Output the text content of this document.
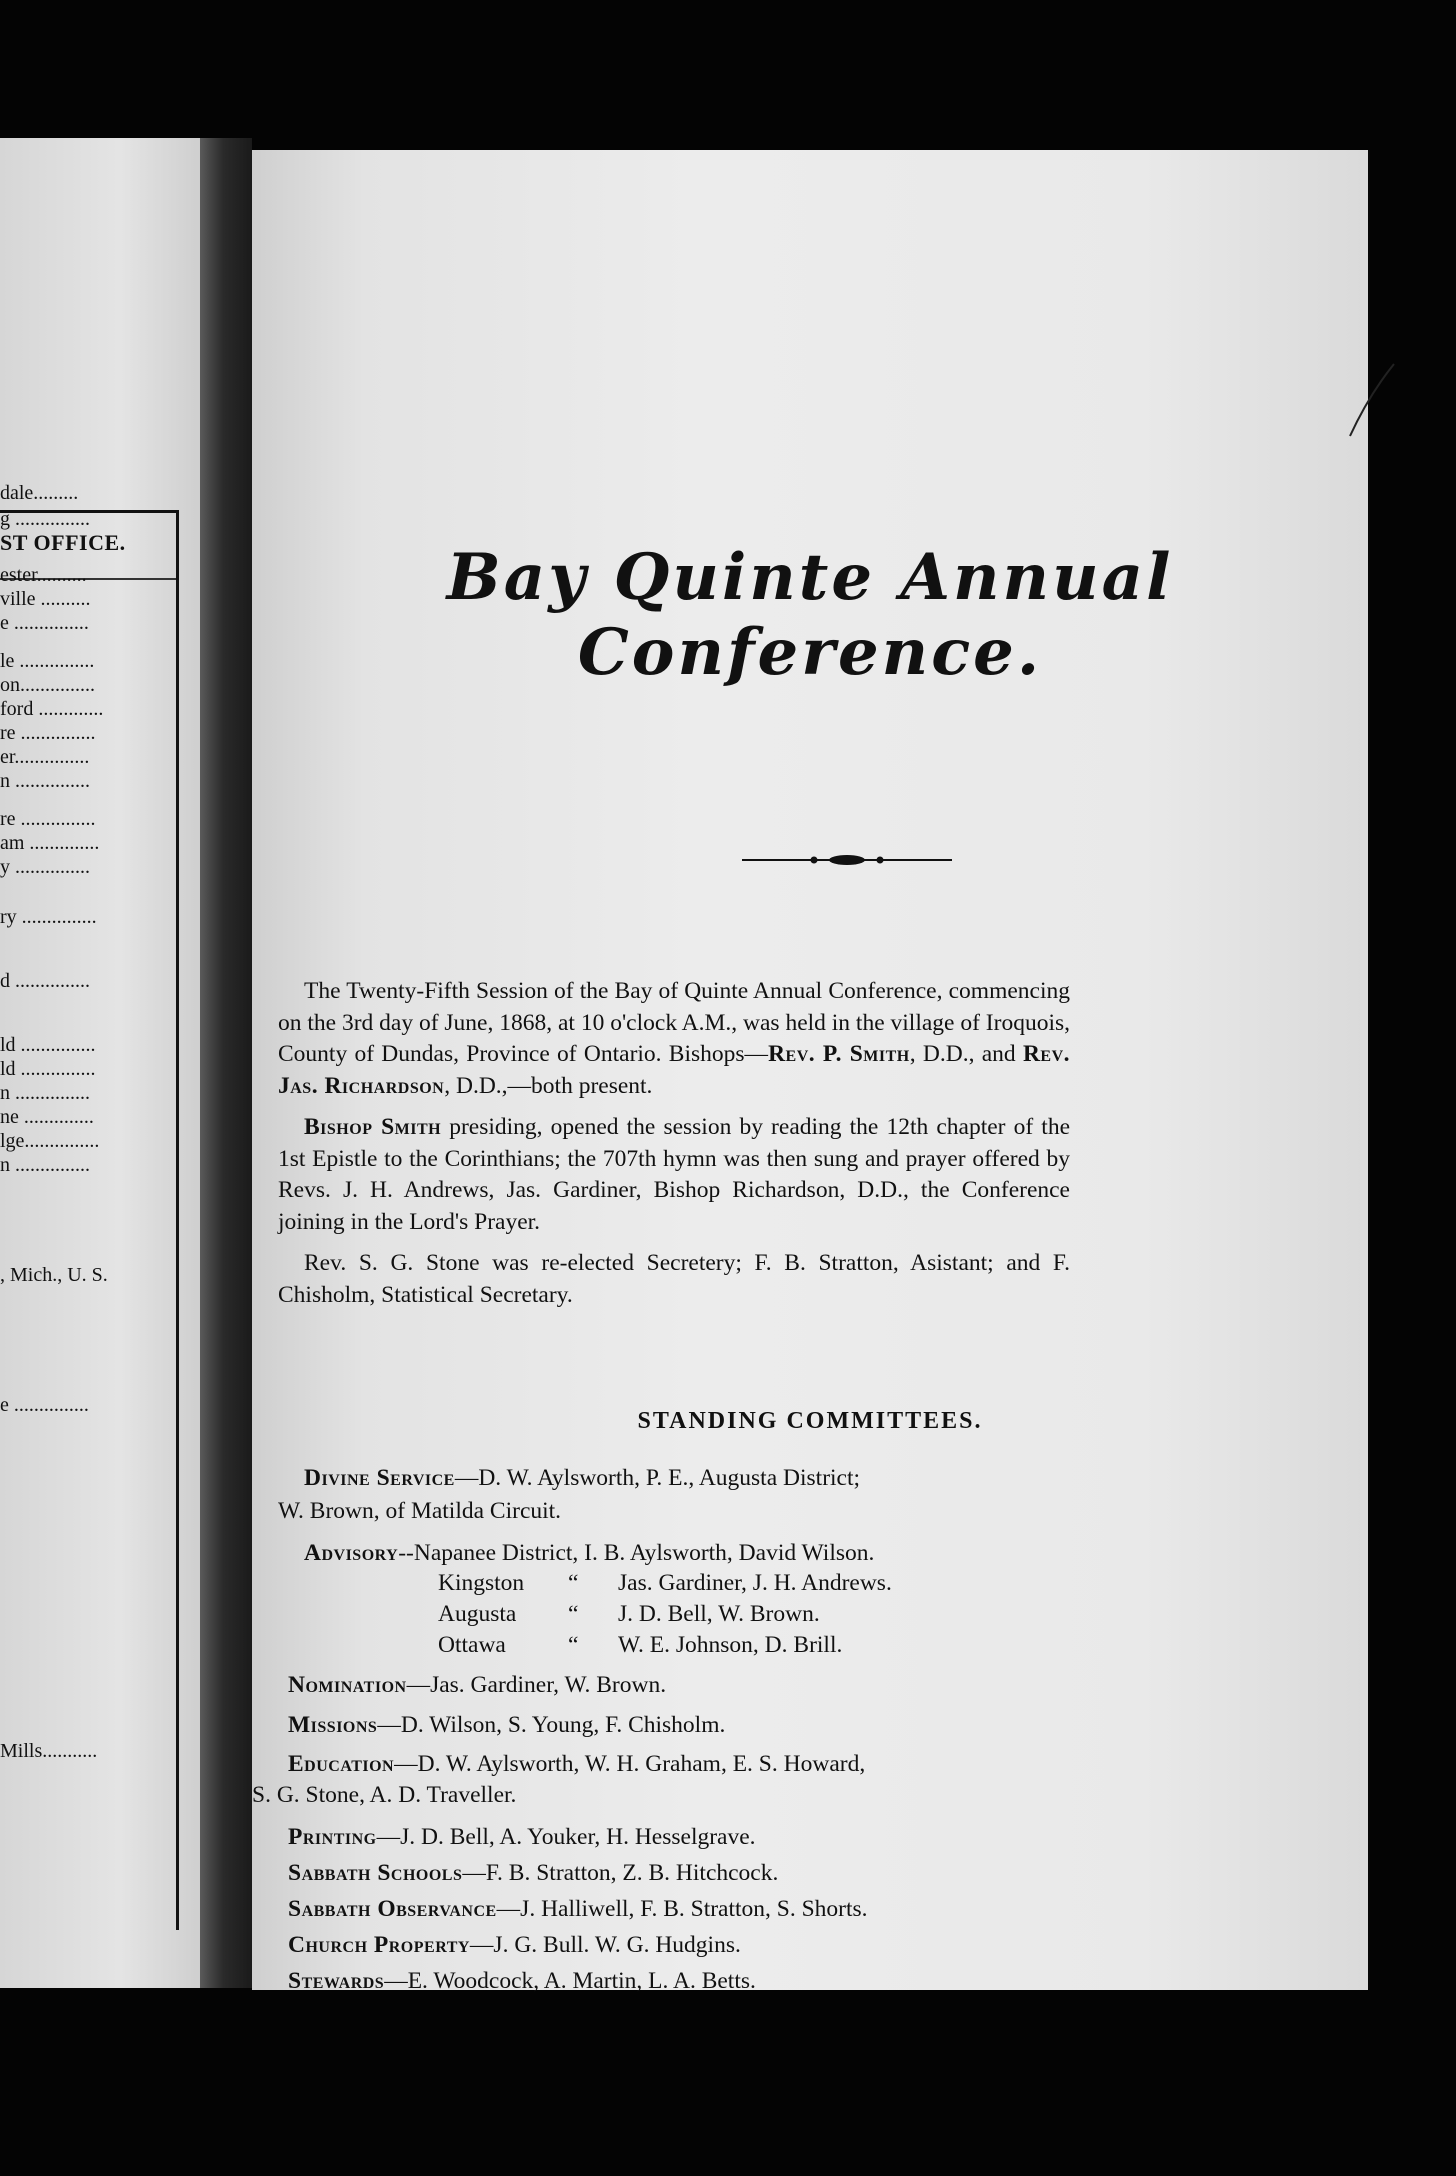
ST OFFICE.
dale.........
g ...............
ester..........
ville ..........
e ...............
le ...............
on...............
ford .............
re ...............
er...............
n ...............
re ...............
am ..............
y ...............
ry ...............
d ...............
ld ...............
ld ...............
n ...............
ne ..............
lge...............
n ...............
, Mich., U. S.
e ...............
Mills...........
Bay Quinte Annual Conference.

The Twenty-Fifth Session of the Bay of Quinte Annual Conference, commencing on the 3rd day of June, 1868, at 10 o'clock A.M., was held in the village of Iroquois, County of Dundas, Province of Ontario. Bishops—Rev. P. Smith, D.D., and Rev. Jas. Richardson, D.D.,—both present.

Bishop Smith presiding, opened the session by reading the 12th chapter of the 1st Epistle to the Corinthians; the 707th hymn was then sung and prayer offered by Revs. J. H. Andrews, Jas. Gardiner, Bishop Richardson, D.D., the Conference joining in the Lord's Prayer.

Rev. S. G. Stone was re-elected Secretery; F. B. Stratton, Asistant; and F. Chisholm, Statistical Secretary.

STANDING COMMITTEES.
Divine Service—D. W. Aylsworth, P. E., Augusta District;
W. Brown, of Matilda Circuit.
Advisory--Napanee District, I. B. Aylsworth, David Wilson.
Kingston “ Jas. Gardiner, J. H. Andrews.
Augusta “ J. D. Bell, W. Brown.
Ottawa	“ W. E. Johnson, D. Brill.
Nomination—Jas. Gardiner, W. Brown.
Missions—D. Wilson, S. Young, F. Chisholm.
Education—D. W. Aylsworth, W. H. Graham, E. S. Howard,
S. G. Stone, A. D. Traveller.
Printing—J. D. Bell, A. Youker, H. Hesselgrave.
Sabbath Schools—F. B. Stratton, Z. B. Hitchcock.
Sabbath Observance—J. Halliwell, F. B. Stratton, S. Shorts.
Church Property—J. G. Bull. W. G. Hudgins.
Stewards—E. Woodcock, A. Martin, L. A. Betts.
